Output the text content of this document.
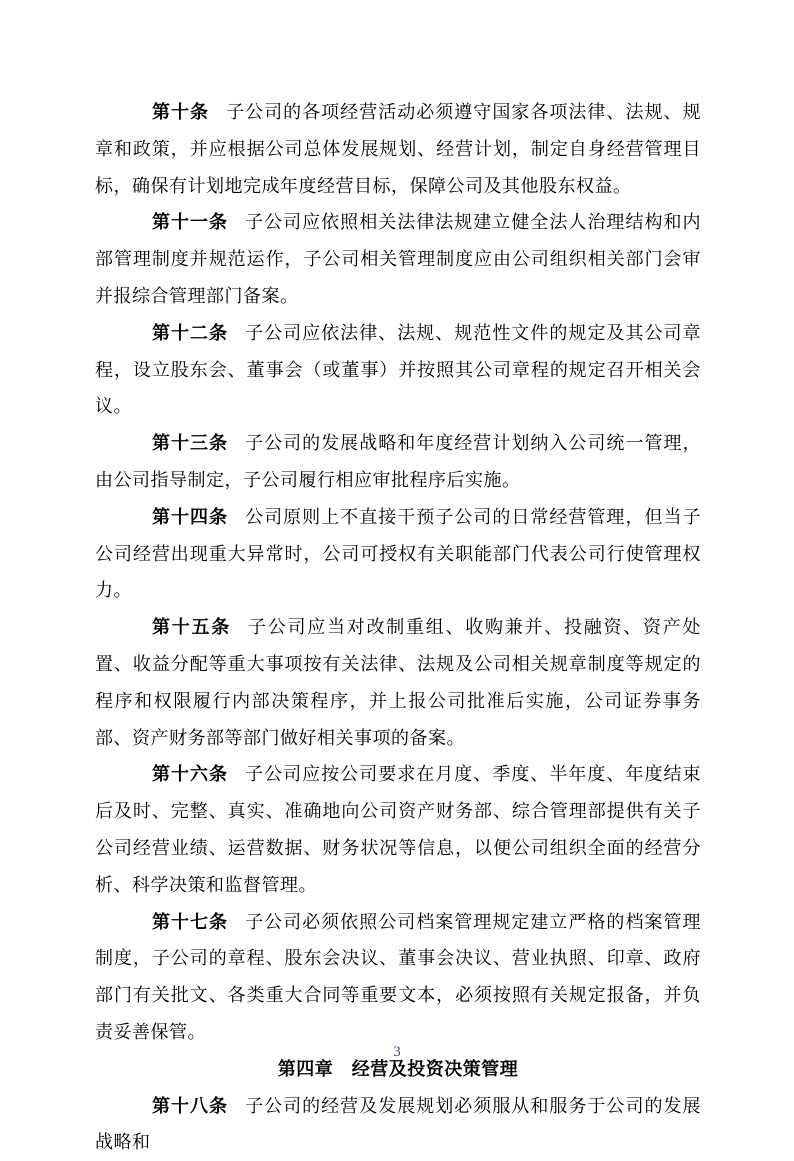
第十条 子公司的各项经营活动必须遵守国家各项法律、法规、规章和政策，并应根据公司总体发展规划、经营计划，制定自身经营管理目标，确保有计划地完成年度经营目标，保障公司及其他股东权益。

第十一条 子公司应依照相关法律法规建立健全法人治理结构和内部管理制度并规范运作，子公司相关管理制度应由公司组织相关部门会审并报综合管理部门备案。

第十二条 子公司应依法律、法规、规范性文件的规定及其公司章程，设立股东会、董事会（或董事）并按照其公司章程的规定召开相关会议。

第十三条 子公司的发展战略和年度经营计划纳入公司统一管理，由公司指导制定，子公司履行相应审批程序后实施。

第十四条 公司原则上不直接干预子公司的日常经营管理，但当子公司经营出现重大异常时，公司可授权有关职能部门代表公司行使管理权力。

第十五条 子公司应当对改制重组、收购兼并、投融资、资产处置、收益分配等重大事项按有关法律、法规及公司相关规章制度等规定的程序和权限履行内部决策程序，并上报公司批准后实施，公司证券事务部、资产财务部等部门做好相关事项的备案。

第十六条 子公司应按公司要求在月度、季度、半年度、年度结束后及时、完整、真实、准确地向公司资产财务部、综合管理部提供有关子公司经营业绩、运营数据、财务状况等信息，以便公司组织全面的经营分析、科学决策和监督管理。

第十七条 子公司必须依照公司档案管理规定建立严格的档案管理制度，子公司的章程、股东会决议、董事会决议、营业执照、印章、政府部门有关批文、各类重大合同等重要文本，必须按照有关规定报备，并负责妥善保管。

第四章　经营及投资决策管理

第十八条 子公司的经营及发展规划必须服从和服务于公司的发展战略和

3
